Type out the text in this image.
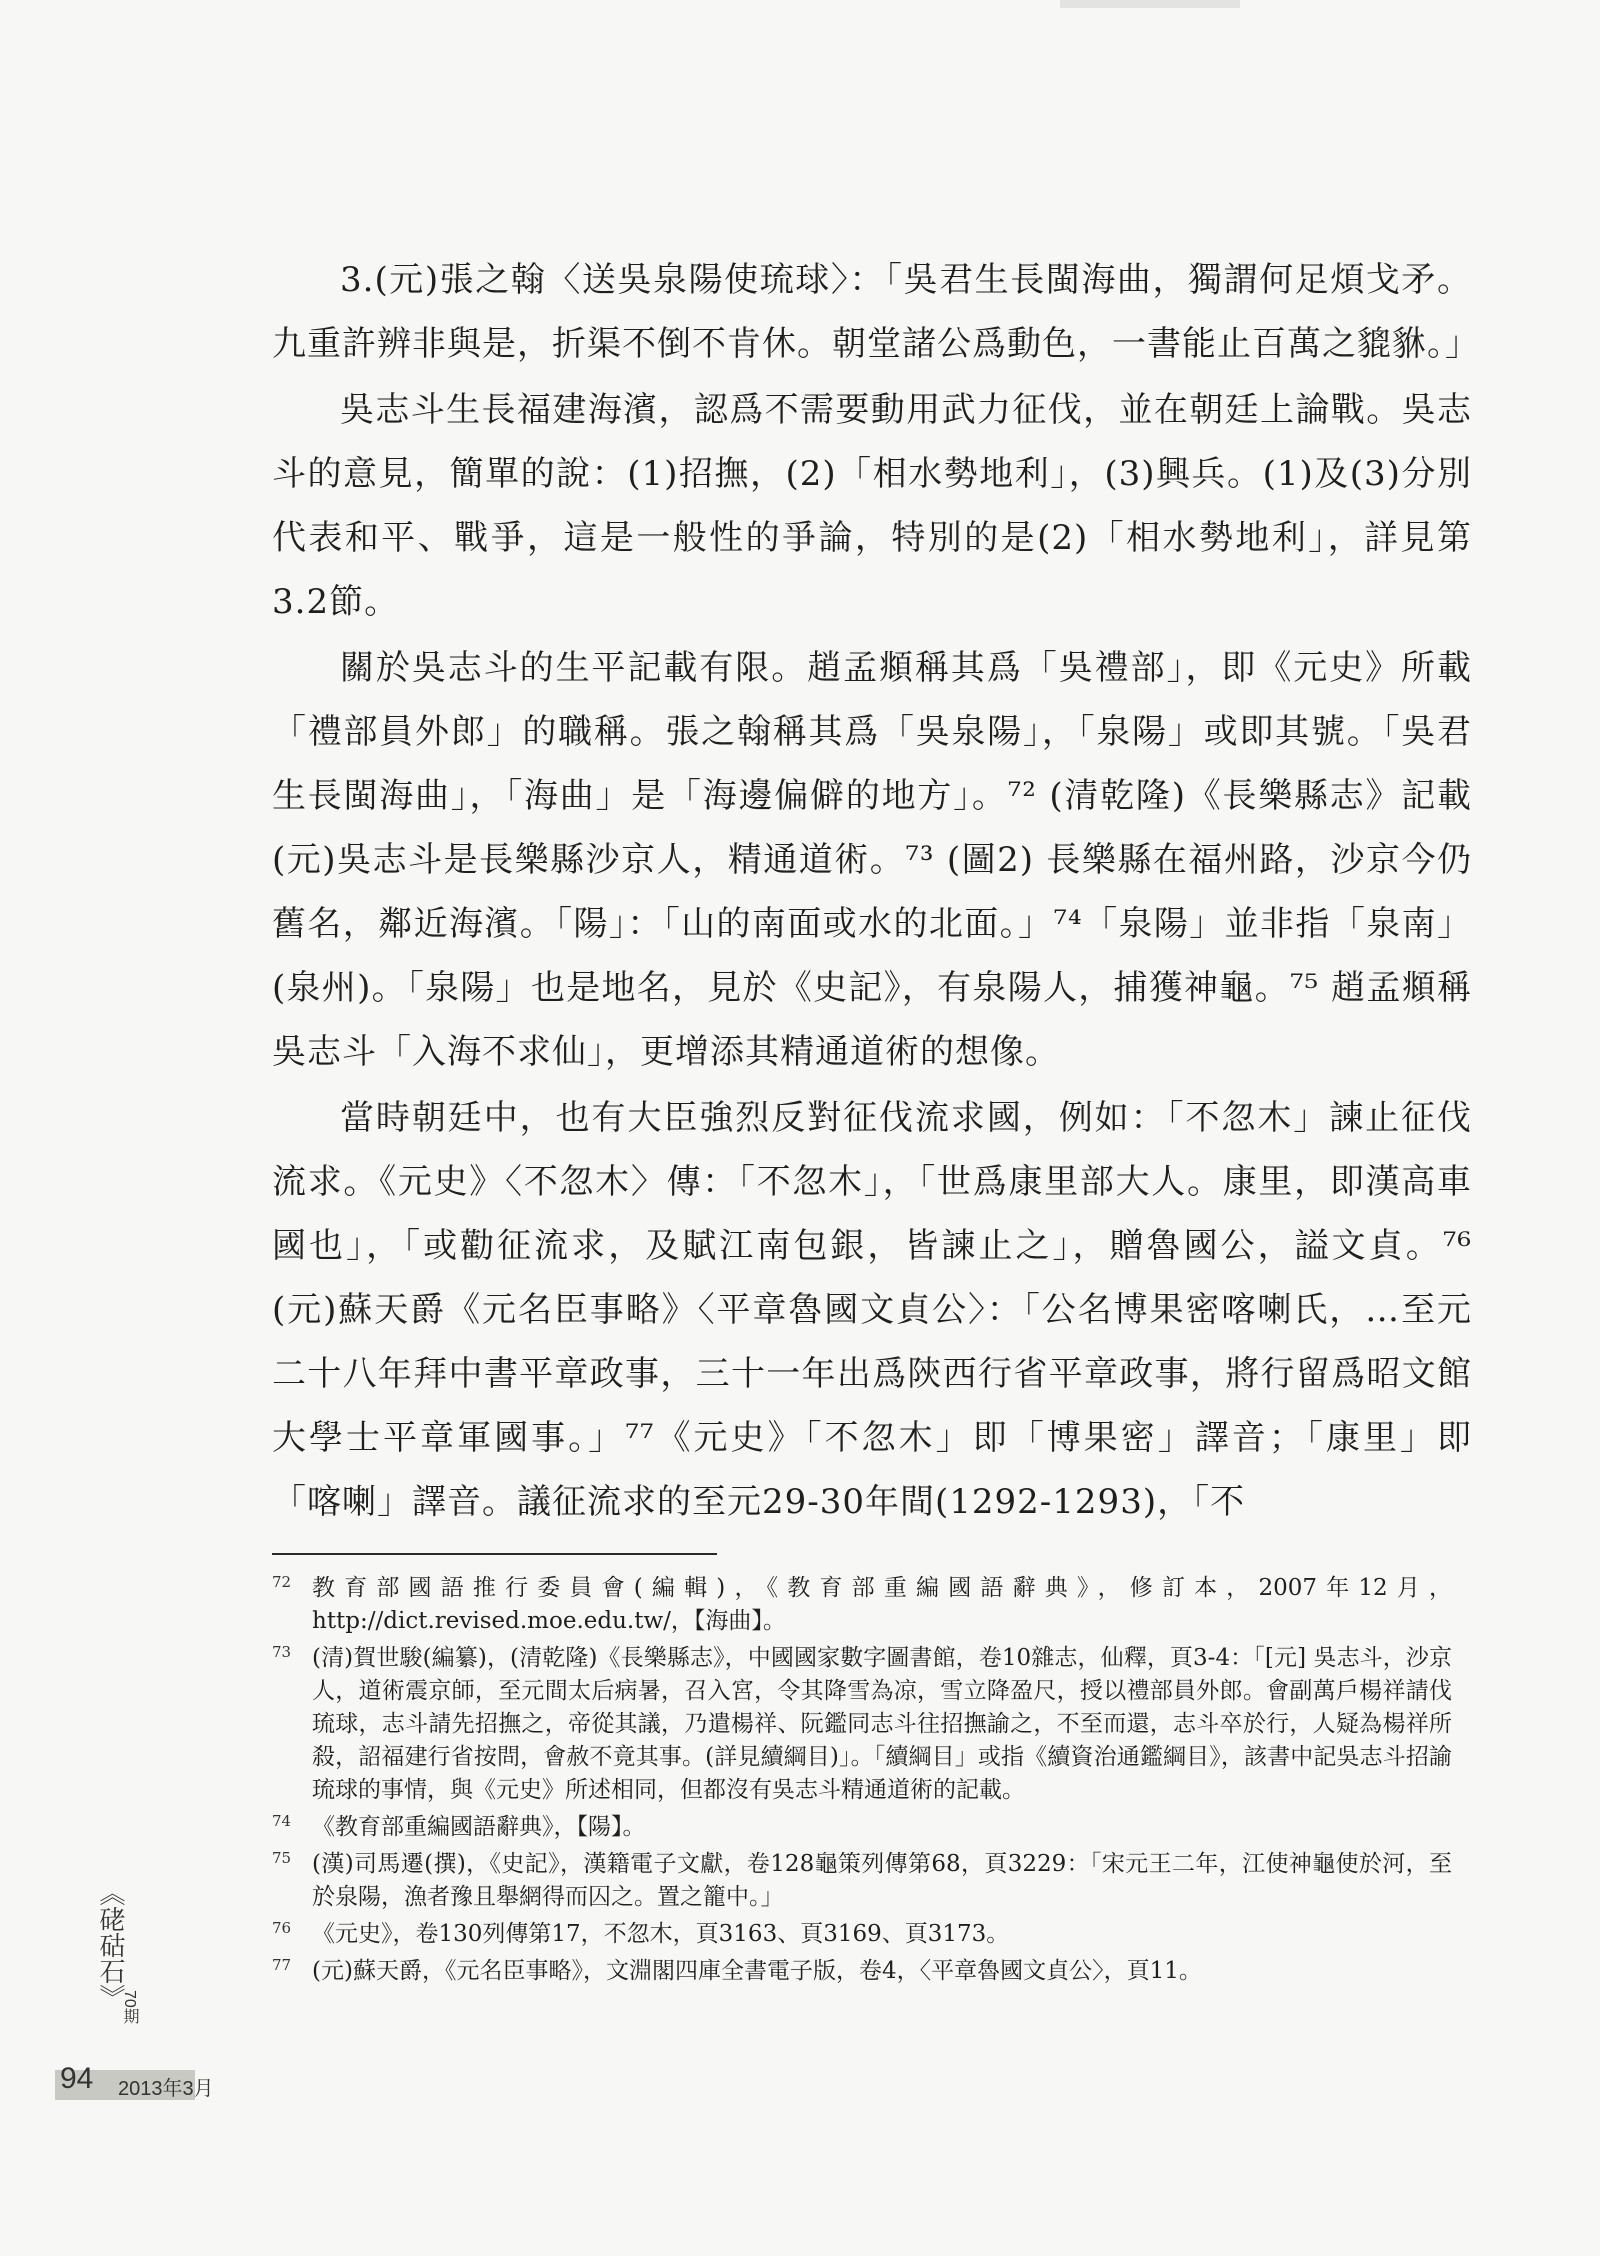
3.(元)張之翰〈送吳泉陽使琉球〉：「吳君生長閩海曲，獨謂何足煩戈矛。九重許辨非與是，折渠不倒不肯休。朝堂諸公爲動色，一書能止百萬之貔貅。」

吳志斗生長福建海濱，認爲不需要動用武力征伐，並在朝廷上論戰。吳志斗的意見，簡單的說：(1)招撫，(2)「相水勢地利」，(3)興兵。(1)及(3)分別代表和平、戰爭，這是一般性的爭論，特別的是(2)「相水勢地利」，詳見第3.2節。

關於吳志斗的生平記載有限。趙孟頫稱其爲「吳禮部」，即《元史》所載「禮部員外郎」的職稱。張之翰稱其爲「吳泉陽」，「泉陽」或即其號。「吳君生長閩海曲」，「海曲」是「海邊偏僻的地方」。⁷² (清乾隆)《長樂縣志》記載(元)吳志斗是長樂縣沙京人，精通道術。⁷³ (圖2) 長樂縣在福州路，沙京今仍舊名，鄰近海濱。「陽」：「山的南面或水的北面。」⁷⁴「泉陽」並非指「泉南」(泉州)。「泉陽」也是地名，見於《史記》，有泉陽人，捕獲神龜。⁷⁵ 趙孟頫稱吳志斗「入海不求仙」，更增添其精通道術的想像。

當時朝廷中，也有大臣強烈反對征伐流求國，例如：「不忽木」諫止征伐流求。《元史》〈不忽木〉傳：「不忽木」，「世爲康里部大人。康里，即漢高車國也」，「或勸征流求，及賦江南包銀，皆諫止之」，贈魯國公，謚文貞。⁷⁶ (元)蘇天爵《元名臣事略》〈平章魯國文貞公〉：「公名博果密喀喇氏，…至元二十八年拜中書平章政事，三十一年出爲陝西行省平章政事，將行留爲昭文館大學士平章軍國事。」⁷⁷《元史》「不忽木」即「博果密」譯音；「康里」即「喀喇」譯音。議征流求的至元29-30年間(1292-1293)，「不

72 教育部國語推行委員會(編輯)，《教育部重編國語辭典》，修訂本，2007年12月，http://dict.revised.moe.edu.tw/，【海曲】。
73 (清)賀世駿(編纂)，(清乾隆)《長樂縣志》，中國國家數字圖書館，卷10雜志，仙釋，頁3-4：「[元] 吳志斗，沙京人，道術震京師，至元間太后病暑，召入宮，令其降雪為凉，雪立降盈尺，授以禮部員外郎。會副萬戶楊祥請伐琉球，志斗請先招撫之，帝從其議，乃遣楊祥、阮鑑同志斗往招撫諭之，不至而還，志斗卒於行，人疑為楊祥所殺，詔福建行省按問，會赦不竟其事。(詳見續綱目)」。「續綱目」或指《續資治通鑑綱目》，該書中記吳志斗招諭琉球的事情，與《元史》所述相同，但都沒有吳志斗精通道術的記載。
74 《教育部重編國語辭典》，【陽】。
75 (漢)司馬遷(撰)，《史記》，漢籍電子文獻，卷128龜策列傳第68，頁3229：「宋元王二年，江使神龜使於河，至於泉陽，漁者豫且舉網得而囚之。置之籠中。」
76 《元史》，卷130列傳第17，不忽木，頁3163、頁3169、頁3173。
77 (元)蘇天爵，《元名臣事略》，文淵閣四庫全書電子版，卷4，〈平章魯國文貞公〉，頁11。
《硓𥑮石》
70期
94 2013年3月
